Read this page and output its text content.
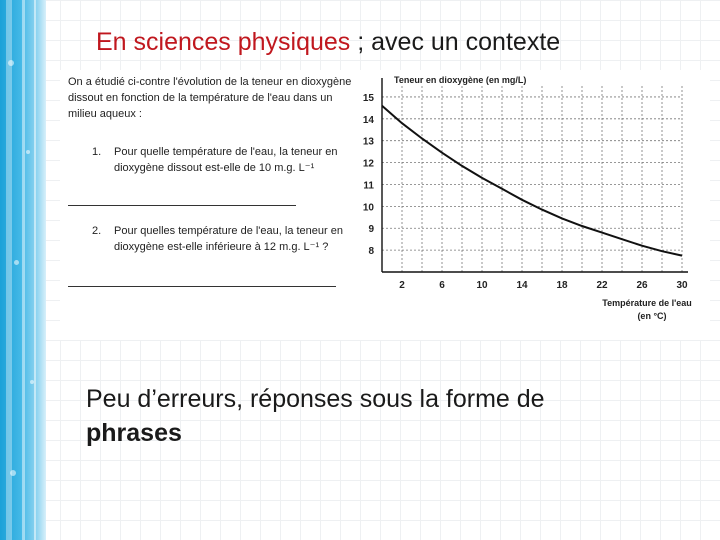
En sciences physiques ; avec un contexte
On a étudié ci-contre l'évolution de la teneur en dioxygène dissout en fonction de la température de l'eau dans un milieu aqueux :
1. Pour quelle température de l'eau, la teneur en dioxygène dissout est-elle de 10 m.g. L⁻¹
2. Pour quelles température de l'eau, la teneur en dioxygène est-elle inférieure à 12 m.g. L⁻¹ ?
2	6	10	14	18	22	26	30
8
9
10
11
12
13
14
15
Teneur en dioxygène (en mg/L)
Température de l'eau
(en °C)
Peu d’erreurs, réponses sous la forme de
phrases
